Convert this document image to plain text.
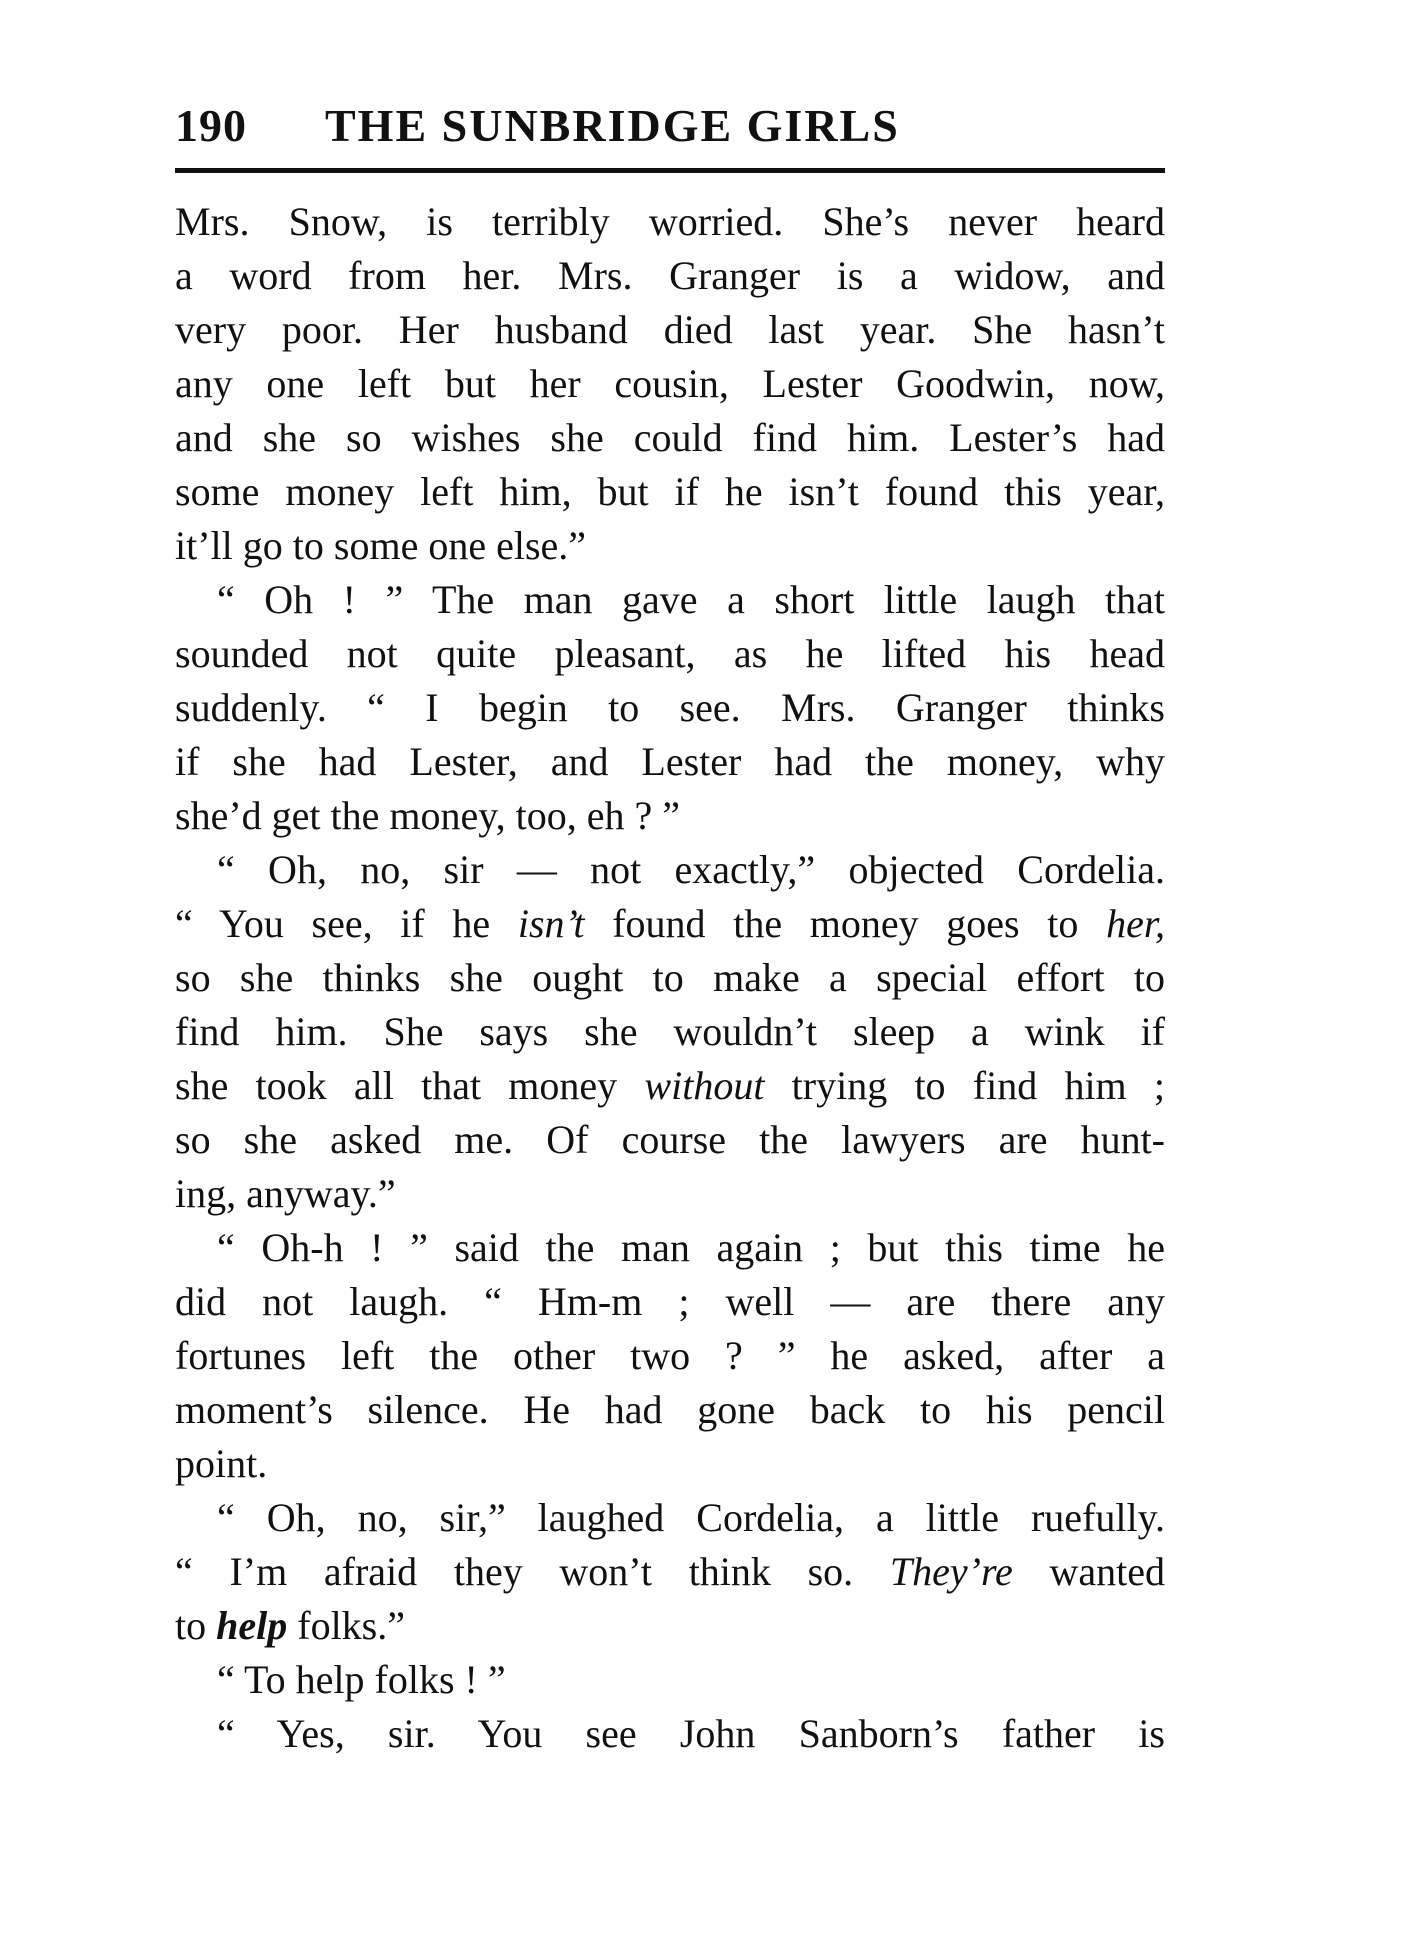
190 THE SUNBRIDGE GIRLS
Mrs. Snow, is terribly worried. She’s never heard
a word from her. Mrs. Granger is a widow, and
very poor. Her husband died last year. She hasn’t
any one left but her cousin, Lester Goodwin, now,
and she so wishes she could find him. Lester’s had
some money left him, but if he isn’t found this year,
it’ll go to some one else.”
“ Oh ! ” The man gave a short little laugh that
sounded not quite pleasant, as he lifted his head
suddenly. “ I begin to see. Mrs. Granger thinks
if she had Lester, and Lester had the money, why
she’d get the money, too, eh ? ”
“ Oh, no, sir — not exactly,” objected Cordelia.
“ You see, if he isn’t found the money goes to her,
so she thinks she ought to make a special effort to
find him. She says she wouldn’t sleep a wink if
she took all that money without trying to find him ;
so she asked me. Of course the lawyers are hunt-
ing, anyway.”
“ Oh-h ! ” said the man again ; but this time he
did not laugh. “ Hm-m ; well — are there any
fortunes left the other two ? ” he asked, after a
moment’s silence. He had gone back to his pencil
point.
“ Oh, no, sir,” laughed Cordelia, a little ruefully.
“ I’m afraid they won’t think so. They’re wanted
to help folks.”
“ To help folks ! ”
“ Yes, sir. You see John Sanborn’s father is
